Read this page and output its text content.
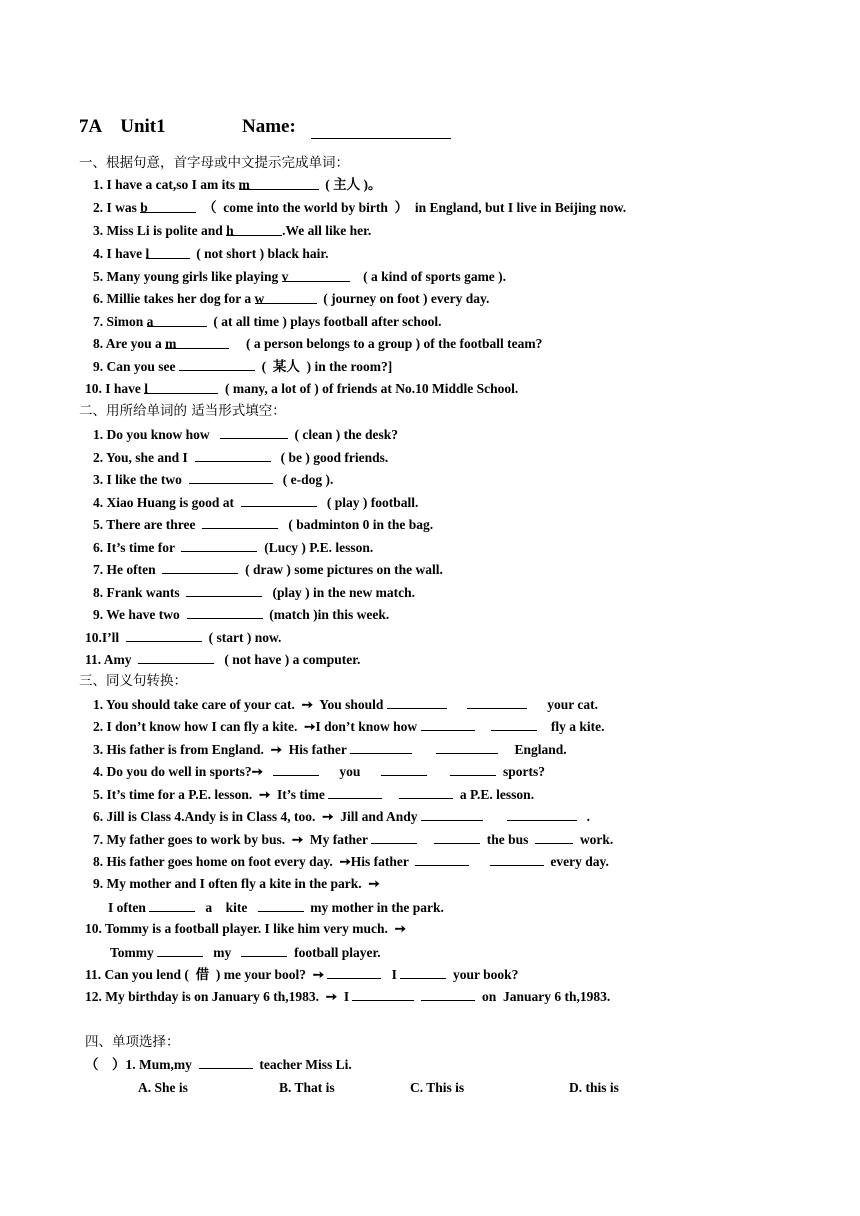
7A Unit1	Name:
一、根据句意，首字母或中文提示完成单词：
1. I have a cat,so I am its m	( 主人 )。
2. I was b	（  come into the world by birth  ）  in England, but I live in Beijing now.
3. Miss Li is polite and h	.We all like her.
4. I have l	( not short ) black hair.
5. Many young girls like playing v	( a kind of sports game ).
6. Millie takes her dog for a w	( journey on foot ) every day.
7. Simon a	( at all time ) plays football after school.
8. Are you a m	( a person belongs to a group ) of the football team?
9. Can you see	(  某人  ) in the room?]
10. I have l	( many, a lot of ) of friends at No.10 Middle School.
二、用所给单词的 适当形式填空：
1. Do you know how	( clean ) the desk?
2. You, she and I	( be ) good friends.
3. I like the two	( e-dog ).
4. Xiao Huang is good at	( play ) football.
5. There are three	( badminton 0 in the bag.
6. It’s time for	(Lucy ) P.E. lesson.
7. He often	( draw ) some pictures on the wall.
8. Frank wants	(play ) in the new match.
9. We have two	(match )in this week.
10.I’ll	( start ) now.
11. Amy	( not have ) a computer.
三、同义句转换：
1. You should take care of your cat.  ➙  You should	your cat.
2. I don’t know how I can fly a kite.  ➙I don’t know how	fly a kite.
3. His father is from England.  ➙  His father	England.
4. Do you do well in sports?➙	you	sports?
5. It’s time for a P.E. lesson.  ➙  It’s time	a P.E. lesson.
6. Jill is Class 4.Andy is in Class 4, too.  ➙  Jill and Andy	.
7. My father goes to work by bus.  ➙  My father	the bus	work.
8. His father goes home on foot every day.  ➙His father	every day.
9. My mother and I often fly a kite in the park.  ➙
I often	a    kite	my mother in the park.
10. Tommy is a football player. I like him very much.  ➙
Tommy	my	football player.
11. Can you lend (  借  ) me your bool?  ➙	I	your book?
12. My birthday is on January 6 th,1983.  ➙  I	on  January 6 th,1983.
四、单项选择：
（    ）1. Mum,my	teacher Miss Li.
A. She is	B. That is	C. This is	D. this is
